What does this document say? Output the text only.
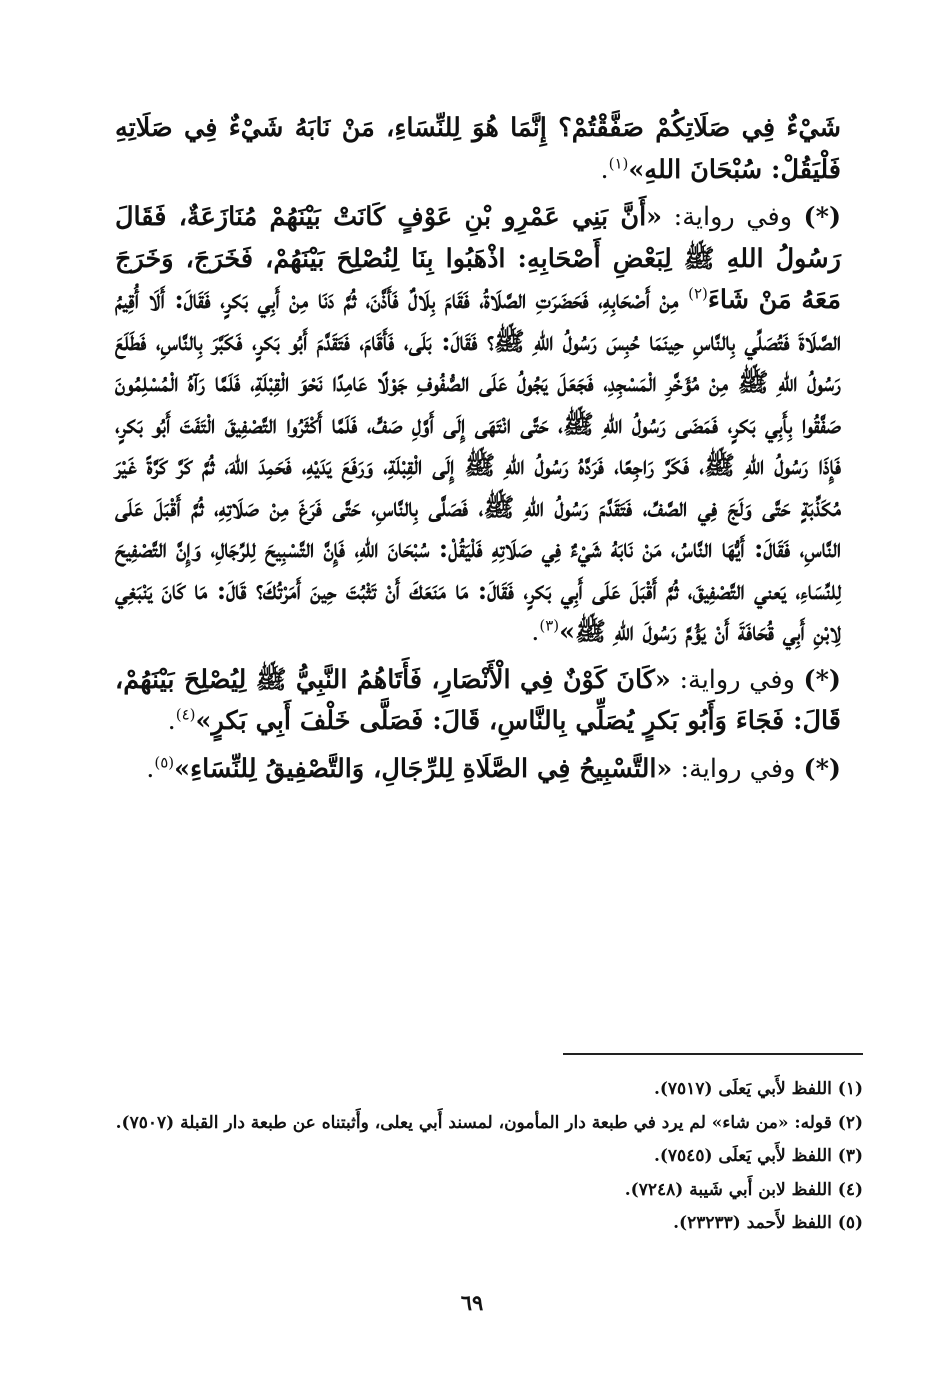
شَيْءٌ فِي صَلَاتِكُمْ صَفَّقْتُمْ؟ إِنَّمَا هُوَ لِلنِّسَاءِ، مَنْ نَابَهُ شَيْءٌ فِي صَلَاتِهِ فَلْيَقُلْ: سُبْحَانَ اللهِ»$^{(١)}$.

(*) وفي رواية: «أَنَّ بَنِي عَمْرِو بْنِ عَوْفٍ كَانَتْ بَيْنَهُمْ مُنَازَعَةٌ، فَقَالَ رَسُولُ اللهِ ﷺ لِبَعْضِ أَصْحَابِهِ: اذْهَبُوا بِنَا لِنُصْلِحَ بَيْنَهُمْ، فَخَرَجَ، وَخَرَجَ مَعَهُ مَنْ شَاءَ$^{(٢)}$ مِنْ أَصْحَابِهِ، فَحَضَرَتِ الصَّلَاةُ، فَقَامَ بِلَالٌ فَأَذَّنَ، ثُمَّ دَنَا مِنْ أَبِي بَكرٍ، فَقَالَ: أَلَا أُقِيمُ الصَّلَاةَ فَتُصَلِّي بِالنَّاسِ حِينَمَا حُبِسَ رَسُولُ اللهِ ﷺ؟ فَقَالَ: بَلَى، فَأَقَامَ، فَتَقَدَّمَ أَبُو بَكرٍ، فَكَبَّرَ بِالنَّاسِ، فَطَلَعَ رَسُولُ اللهِ ﷺ مِنْ مُؤَخَّرِ الْمَسْجِدِ، فَجَعَلَ يَجُولُ عَلَى الصُّفُوفِ جَوْلًا عَامِدًا نَحْوَ الْقِبْلَةِ، فَلَمَّا رَآهُ الْمُسْلِمُونَ صَفَّقُوا بِأَبِي بَكرٍ، فَمَضَى رَسُولُ اللهِ ﷺ، حَتَّى انْتَهَى إِلَى أَوَّلِ صَفٍّ، فَلَمَّا أَكْثَرُوا التَّصْفِيقَ الْتَفَتَ أَبُو بَكرٍ، فَإِذَا رَسُولُ اللهِ ﷺ، فَكَرَّ رَاجِعًا، فَرَدَّهُ رَسُولُ اللهِ ﷺ إِلَى الْقِبْلَةِ، وَرَفَعَ يَدَيْهِ، فَحَمِدَ اللهَ، ثُمَّ كَرَّ كَرَّةً غَيْرَ مُكَذِّبَةٍ حَتَّى وَلَجَ فِي الصَّفِّ، فَتَقَدَّمَ رَسُولُ اللهِ ﷺ، فَصَلَّى بِالنَّاسِ، حَتَّى فَرَغَ مِنْ صَلَاتِهِ، ثُمَّ أَقْبَلَ عَلَى النَّاسِ، فَقَالَ: أَيُّهَا النَّاسُ، مَنْ نَابَهُ شَيْءٌ فِي صَلَاتِهِ فَلْيَقُلْ: سُبْحَانَ اللهِ، فَإِنَّ التَّسْبِيحَ لِلرِّجَالِ، وَإِنَّ التَّصْفِيحَ لِلنِّسَاءِ، يَعني التَّصْفِيقَ، ثُمَّ أَقْبَلَ عَلَى أَبِي بَكرٍ، فَقَالَ: مَا مَنَعَكَ أَنْ تَثْبُتَ حِينَ أَمَرْتُكَ؟ قَالَ: مَا كَانَ يَنْبَغِي لِابْنِ أَبِي قُحَافَةَ أَنْ يَؤُمَّ رَسُولَ اللهِ ﷺ»$^{(٣)}$.

(*) وفي رواية: «كَانَ كَوْنٌ فِي الْأَنْصَارِ، فَأَتَاهُمُ النَّبِيُّ ﷺ لِيُصْلِحَ بَيْنَهُمْ، قَالَ: فَجَاءَ وَأَبُو بَكرٍ يُصَلِّي بِالنَّاسِ، قَالَ: فَصَلَّى خَلْفَ أَبِي بَكرٍ»$^{(٤)}$.

(*) وفي رواية: «التَّسْبِيحُ فِي الصَّلَاةِ لِلرِّجَالِ، وَالتَّصْفِيقُ لِلنِّسَاءِ»$^{(٥)}$.

(١) اللفظ لأَبي يَعلَى (٧٥١٧).
(٢) قوله: «من شاء» لم يرد في طبعة دار المأمون، لمسند أَبي يعلى، وأَثبتناه عن طبعة دار القبلة (٧٥٠٧).
(٣) اللفظ لأَبي يَعلَى (٧٥٤٥).
(٤) اللفظ لابن أَبي شَيبة (٧٢٤٨).
(٥) اللفظ لأَحمد (٢٣٢٣٣).
٦٩
